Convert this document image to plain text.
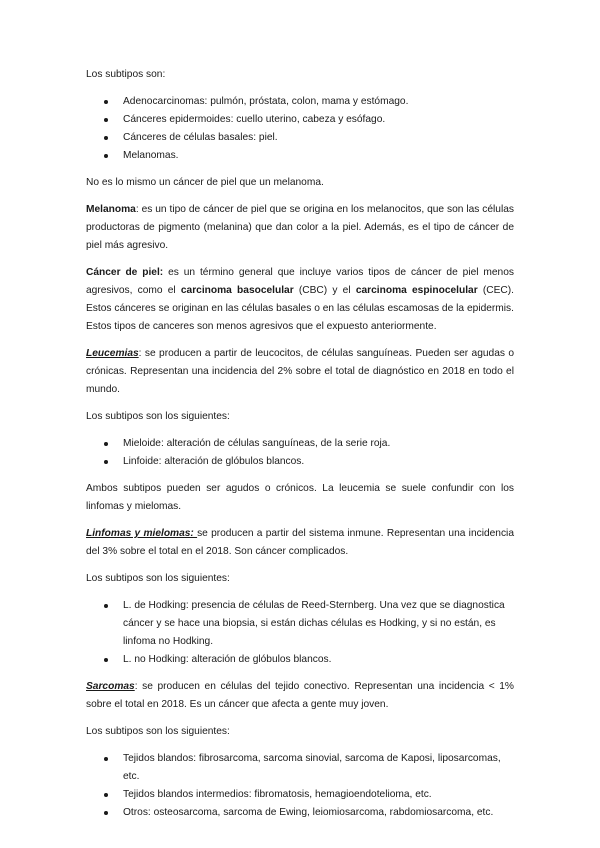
Los subtipos son:

Adenocarcinomas: pulmón, próstata, colon, mama y estómago.
Cánceres epidermoides: cuello uterino, cabeza y esófago.
Cánceres de células basales: piel.
Melanomas.

No es lo mismo un cáncer de piel que un melanoma.

Melanoma: es un tipo de cáncer de piel que se origina en los melanocitos, que son las células productoras de pigmento (melanina) que dan color a la piel. Además, es el tipo de cáncer de piel más agresivo.

Cáncer de piel: es un término general que incluye varios tipos de cáncer de piel menos agresivos, como el carcinoma basocelular (CBC) y el carcinoma espinocelular (CEC). Estos cánceres se originan en las células basales o en las células escamosas de la epidermis. Estos tipos de canceres son menos agresivos que el expuesto anteriormente.

Leucemias: se producen a partir de leucocitos, de células sanguíneas. Pueden ser agudas o crónicas. Representan una incidencia del 2% sobre el total de diagnóstico en 2018 en todo el mundo.

Los subtipos son los siguientes:

Mieloide: alteración de células sanguíneas, de la serie roja.
Linfoide: alteración de glóbulos blancos.

Ambos subtipos pueden ser agudos o crónicos. La leucemia se suele confundir con los linfomas y mielomas.

Linfomas y mielomas: se producen a partir del sistema inmune. Representan una incidencia del 3% sobre el total en el 2018. Son cáncer complicados.

Los subtipos son los siguientes:

L. de Hodking: presencia de células de Reed-Sternberg. Una vez que se diagnostica cáncer y se hace una biopsia, si están dichas células es Hodking, y si no están, es linfoma no Hodking.
L. no Hodking: alteración de glóbulos blancos.

Sarcomas: se producen en células del tejido conectivo. Representan una incidencia < 1% sobre el total en 2018. Es un cáncer que afecta a gente muy joven.

Los subtipos son los siguientes:

Tejidos blandos: fibrosarcoma, sarcoma sinovial, sarcoma de Kaposi, liposarcomas, etc.
Tejidos blandos intermedios: fibromatosis, hemagioendotelioma, etc.
Otros: osteosarcoma, sarcoma de Ewing, leiomiosarcoma, rabdomiosarcoma, etc.
